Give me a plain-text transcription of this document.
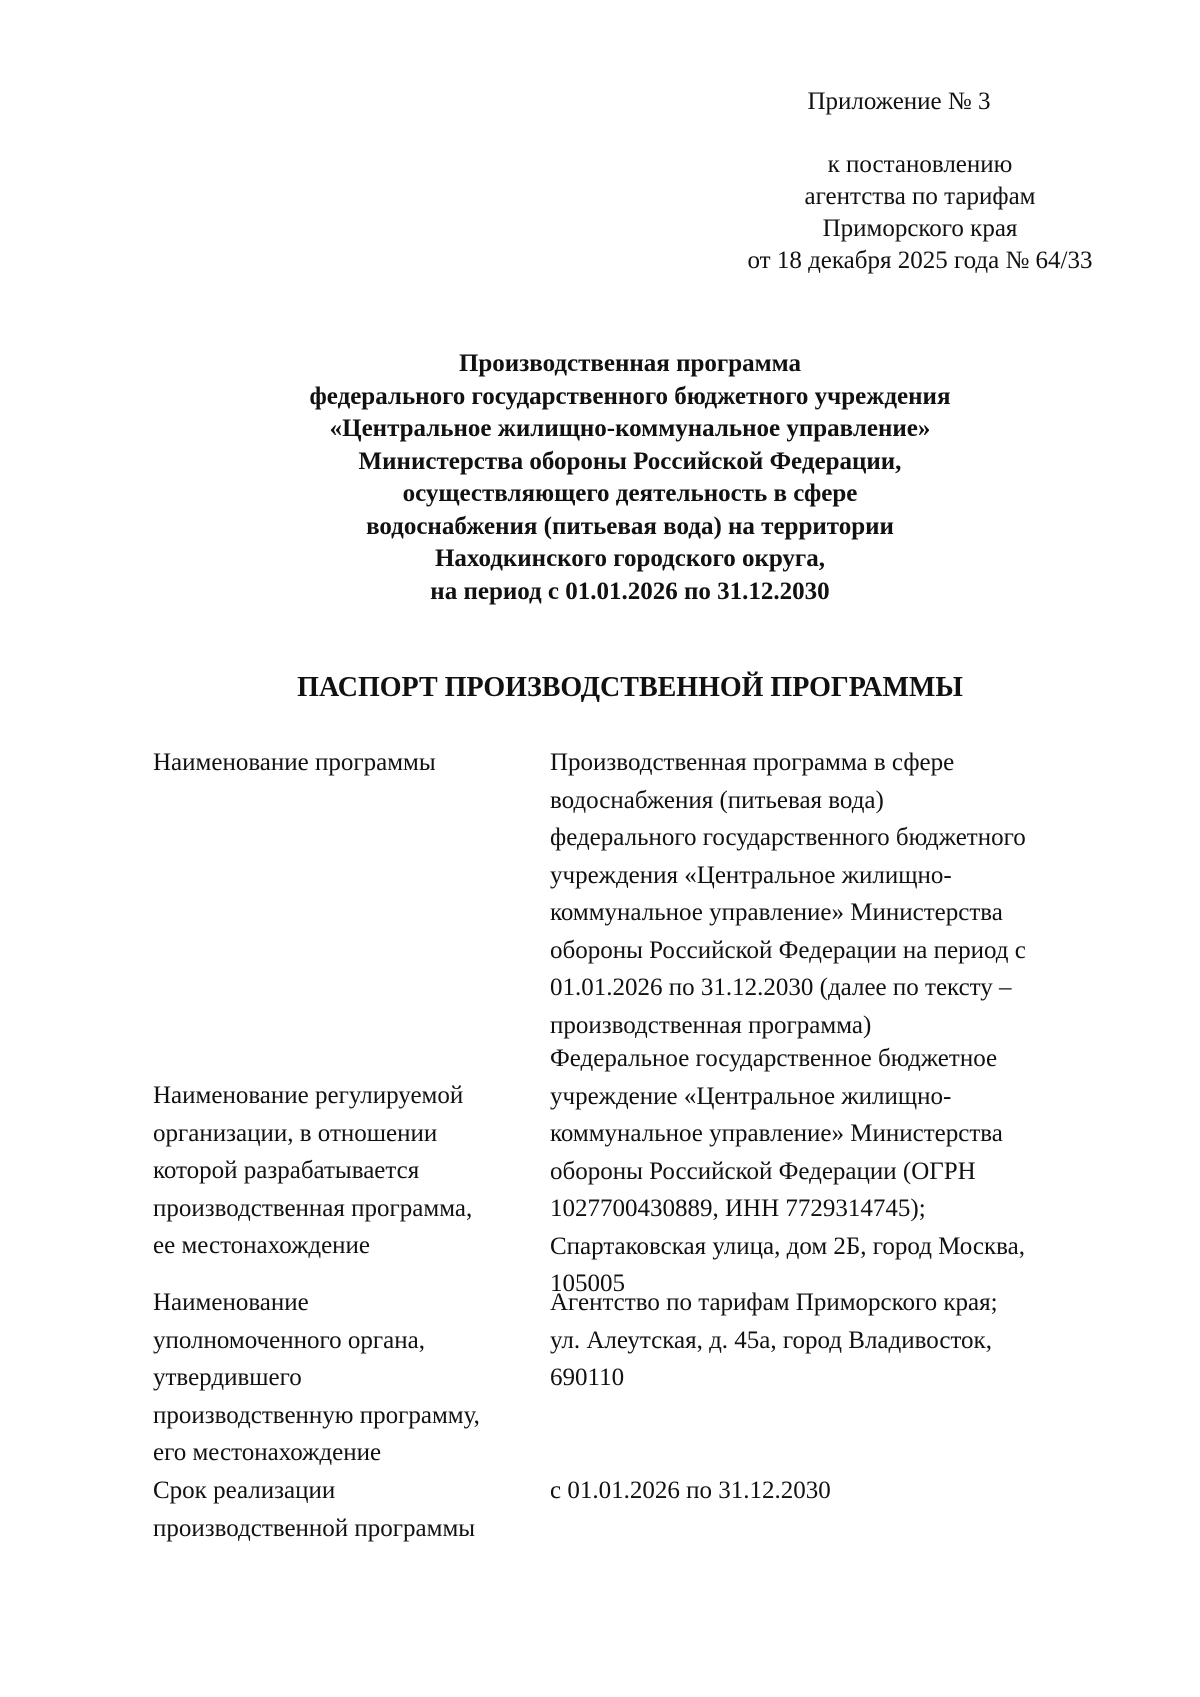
Приложение № 3
к постановлению
агентства по тарифам
Приморского края
от 18 декабря 2025 года № 64/33
Производственная программа
федерального государственного бюджетного учреждения
«Центральное жилищно-коммунальное управление»
Министерства обороны Российской Федерации,
осуществляющего деятельность в сфере
водоснабжения (питьевая вода) на территории
Находкинского городского округа,
на период с 01.01.2026 по 31.12.2030
ПАСПОРТ ПРОИЗВОДСТВЕННОЙ ПРОГРАММЫ
Наименование программы	Производственная программа в сфере
водоснабжения (питьевая вода)
федерального государственного бюджетного
учреждения «Центральное жилищно-
коммунальное управление» Министерства
обороны Российской Федерации на период с
01.01.2026 по 31.12.2030 (далее по тексту –
производственная программа)
Наименование регулируемой
организации, в отношении
которой разрабатывается
производственная программа,
ее местонахождение
Федеральное государственное бюджетное
учреждение «Центральное жилищно-
коммунальное управление» Министерства
обороны Российской Федерации (ОГРН
1027700430889, ИНН 7729314745);
Спартаковская улица, дом 2Б, город Москва,
105005
Наименование
уполномоченного органа,
утвердившего
производственную программу,
его местонахождение
Агентство по тарифам Приморского края;
ул. Алеутская, д. 45а, город Владивосток,
690110
Срок реализации
производственной программы
с 01.01.2026 по 31.12.2030
